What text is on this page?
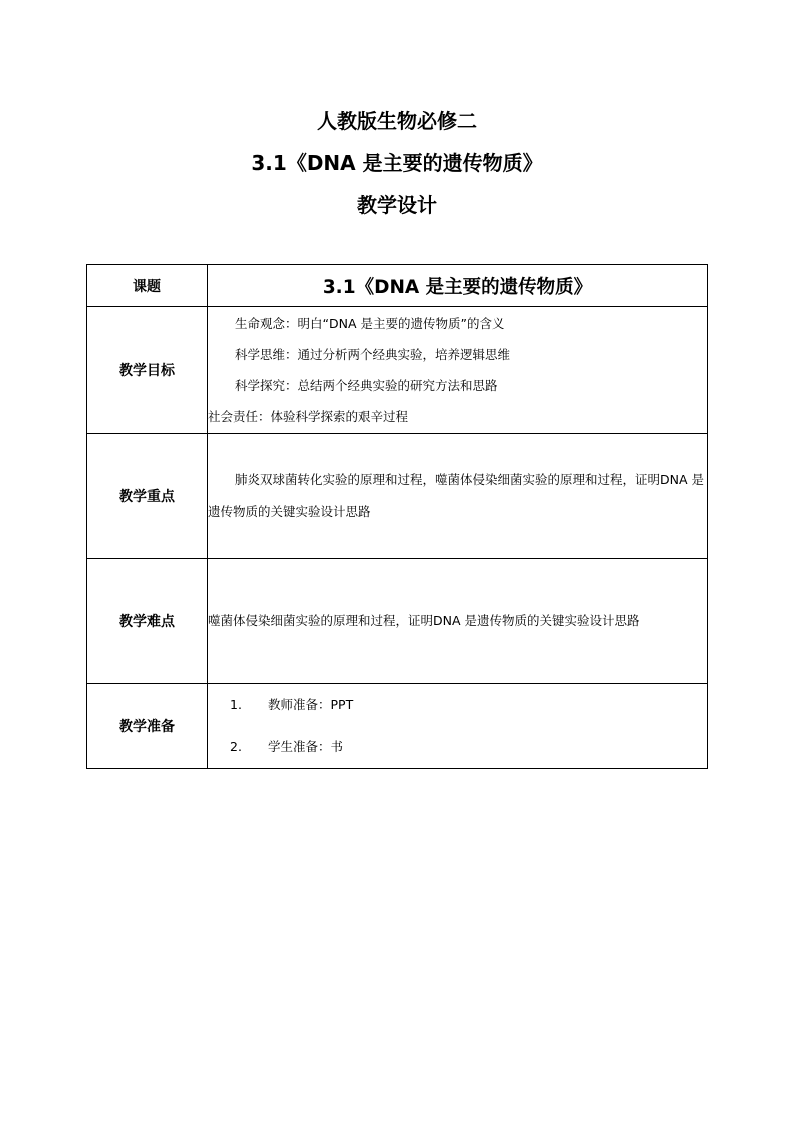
人教版生物必修二
3.1《DNA 是主要的遗传物质》
教学设计
课题	3.1《DNA 是主要的遗传物质》
教学目标	生命观念：明白“DNA 是主要的遗传物质”的含义
科学思维：通过分析两个经典实验，培养逻辑思维
科学探究：总结两个经典实验的研究方法和思路
社会责任：体验科学探索的艰辛过程

教学重点	肺炎双球菌转化实验的原理和过程，噬菌体侵染细菌实验的原理和过程，证明DNA 是遗传物质的关键实验设计思路

教学难点	噬菌体侵染细菌实验的原理和过程，证明DNA 是遗传物质的关键实验设计思路

教学准备	1. 教师准备：PPT
2. 学生准备：书
